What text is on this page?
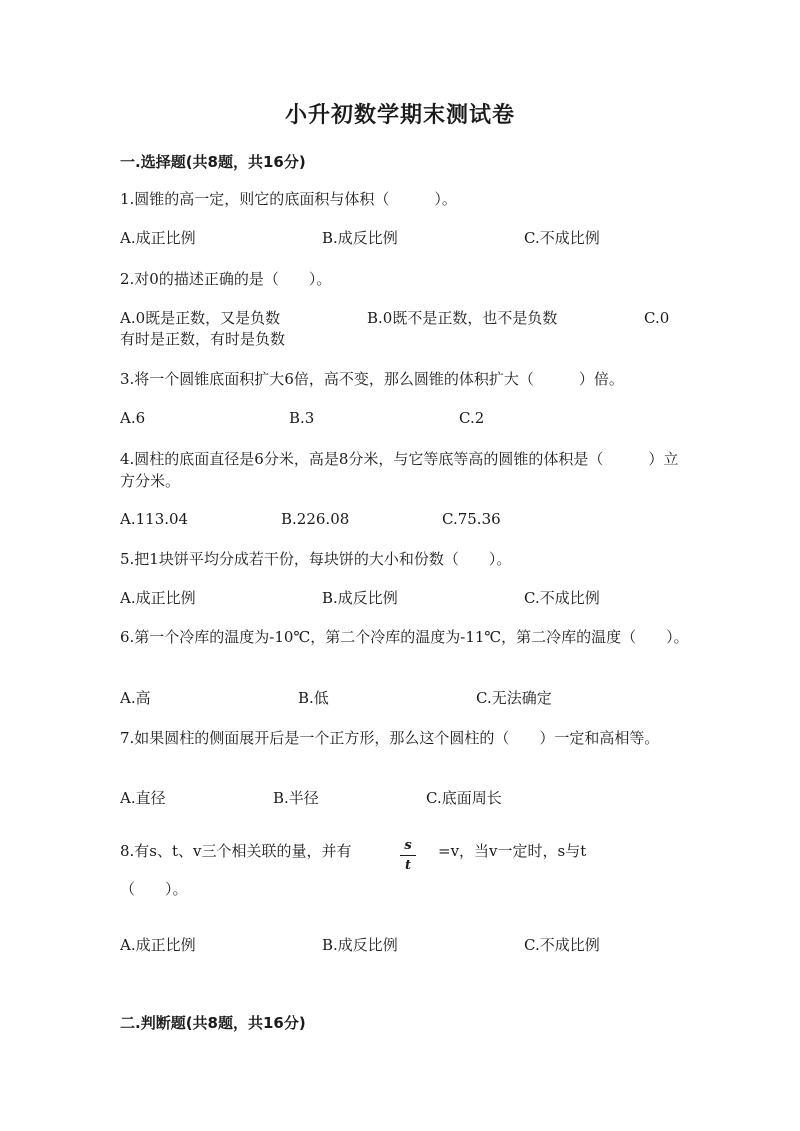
小升初数学期末测试卷
一.选择题(共8题，共16分)
1.圆锥的高一定，则它的底面积与体积（　　　）。
A.成正比例	B.成反比例	C.不成比例
2.对0的描述正确的是（　　）。
A.0既是正数，又是负数	B.0既不是正数，也不是负数	C.0
有时是正数，有时是负数
3.将一个圆锥底面积扩大6倍，高不变，那么圆锥的体积扩大（　　　）倍。
A.6	B.3	C.2
4.圆柱的底面直径是6分米，高是8分米，与它等底等高的圆锥的体积是（　　　）立方分米。
A.113.04	B.226.08	C.75.36
5.把1块饼平均分成若干份，每块饼的大小和份数（　　）。
A.成正比例	B.成反比例	C.不成比例
6.第一个冷库的温度为-10℃，第二个冷库的温度为-11℃，第二冷库的温度（　　）。
A.高	B.低	C.无法确定
7.如果圆柱的侧面展开后是一个正方形，那么这个圆柱的（　　）一定和高相等。
A.直径	B.半径	C.底面周长
8.有s、t、v三个相关联的量，并有	s
t
=v，当v一定时，s与t
（　　）。
A.成正比例	B.成反比例	C.不成比例
二.判断题(共8题，共16分)
